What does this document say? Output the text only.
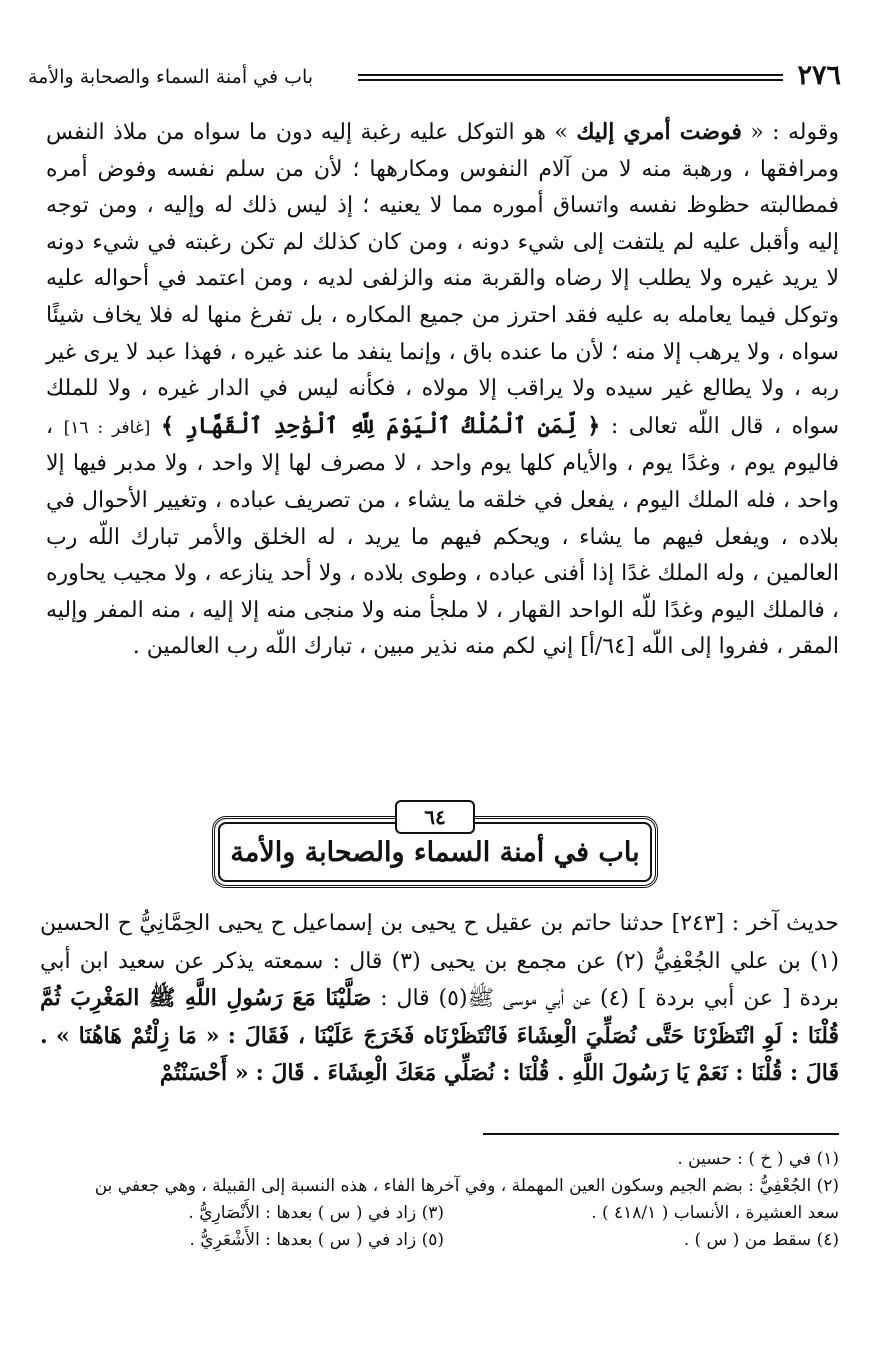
٢٧٦
باب في أمنة السماء والصحابة والأمة
وقوله : « فوضت أمري إليك » هو التوكل عليه رغبة إليه دون ما سواه من ملاذ النفس ومرافقها ، ورهبة منه لا من آلام النفوس ومكارهها ؛ لأن من سلم نفسه وفوض أمره فمطالبته حظوظ نفسه واتساق أموره مما لا يعنيه ؛ إذ ليس ذلك له وإليه ، ومن توجه إليه وأقبل عليه لم يلتفت إلى شيء دونه ، ومن كان كذلك لم تكن رغبته في شيء دونه لا يريد غيره ولا يطلب إلا رضاه والقربة منه والزلفى لديه ، ومن اعتمد في أحواله عليه وتوكل فيما يعامله به عليه فقد احترز من جميع المكاره ، بل تفرغ منها له فلا يخاف شيئًا سواه ، ولا يرهب إلا منه ؛ لأن ما عنده باق ، وإنما ينفد ما عند غيره ، فهذا عبد لا يرى غير ربه ، ولا يطالع غير سيده ولا يراقب إلا مولاه ، فكأنه ليس في الدار غيره ، ولا للملك سواه ، قال اللّه تعالى : ﴿ لِّمَنِ ٱلْمُلْكُ ٱلْيَوْمَ لِلَّهِ ٱلْوَٰحِدِ ٱلْقَهَّارِ ﴾ [غافر : ١٦] ، فاليوم يوم ، وغدًا يوم ، والأيام كلها يوم واحد ، لا مصرف لها إلا واحد ، ولا مدبر فيها إلا واحد ، فله الملك اليوم ، يفعل في خلقه ما يشاء ، من تصريف عباده ، وتغيير الأحوال في بلاده ، ويفعل فيهم ما يشاء ، ويحكم فيهم ما يريد ، له الخلق والأمر تبارك اللّه رب العالمين ، وله الملك غدًا إذا أفنى عباده ، وطوى بلاده ، ولا أحد ينازعه ، ولا مجيب يحاوره ، فالملك اليوم وغدًا للّه الواحد القهار ، لا ملجأ منه ولا منجى منه إلا إليه ، منه المفر وإليه المقر ، ففروا إلى اللّه [٦٤/أ] إني لكم منه نذير مبين ، تبارك اللّه رب العالمين .
٦٤
باب في أمنة السماء والصحابة والأمة
حديث آخر : [٢٤٣] حدثنا حاتم بن عقيل ح يحيى بن إسماعيل ح يحيى الحِمَّانِيُّ ح الحسين (١) بن علي الجُعْفِيُّ (٢) عن مجمع بن يحيى (٣) قال : سمعته يذكر عن سعيد ابن أبي بردة [ عن أبي بردة ] (٤) عن أبي موسى ﷺ(٥) قال : صَلَّيْنَا مَعَ رَسُولِ اللَّهِ ﷺ المَغْرِبَ ثُمَّ قُلْنَا : لَوِ انْتَظَرْنَا حَتَّى نُصَلِّيَ الْعِشَاءَ فَانْتَظَرْنَاه فَخَرَجَ عَلَيْنَا ، فَقَالَ : « مَا زِلْتُمْ هَاهُنَا » . قَالَ : قُلْنَا : نَعَمْ يَا رَسُولَ اللَّهِ . قُلْنَا : نُصَلِّي مَعَكَ الْعِشَاءَ . قَالَ : « أَحْسَنْتُمْ
(١) في ( خ ) : حسين .
(٢) الجُعْفِيُّ : بضم الجيم وسكون العين المهملة ، وفي آخرها الفاء ، هذه النسبة إلى القبيلة ، وهي جعفي بن
سعد العشيرة ، الأنساب ( ٤١٨/١ ) .
(٣) زاد في ( س ) بعدها : الأَنْصَارِيُّ .
(٤) سقط من ( س ) .
(٥) زاد في ( س ) بعدها : الأَشْعَرِيُّ .
